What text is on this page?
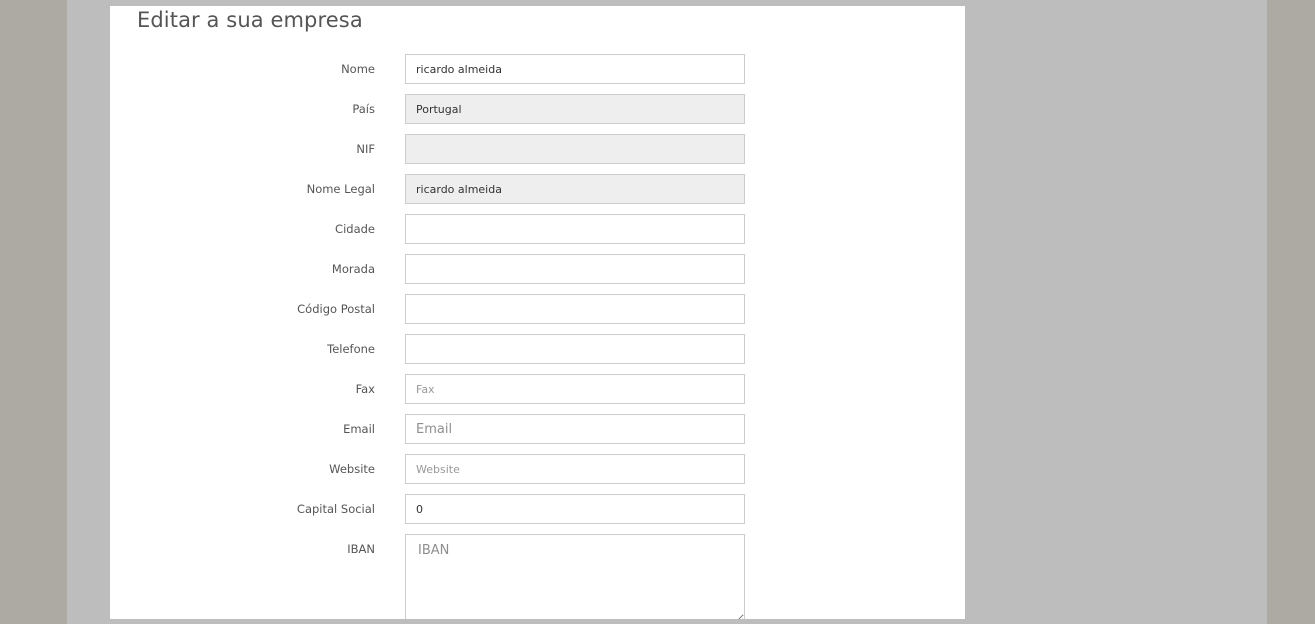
Editar a sua empresa
Nome
ricardo almeida
País
Portugal
NIF
Nome Legal
ricardo almeida
Cidade
Morada
Código Postal
Telefone
Fax
Fax
Email
Email
Website
Website
Capital Social
0
IBAN
IBAN
